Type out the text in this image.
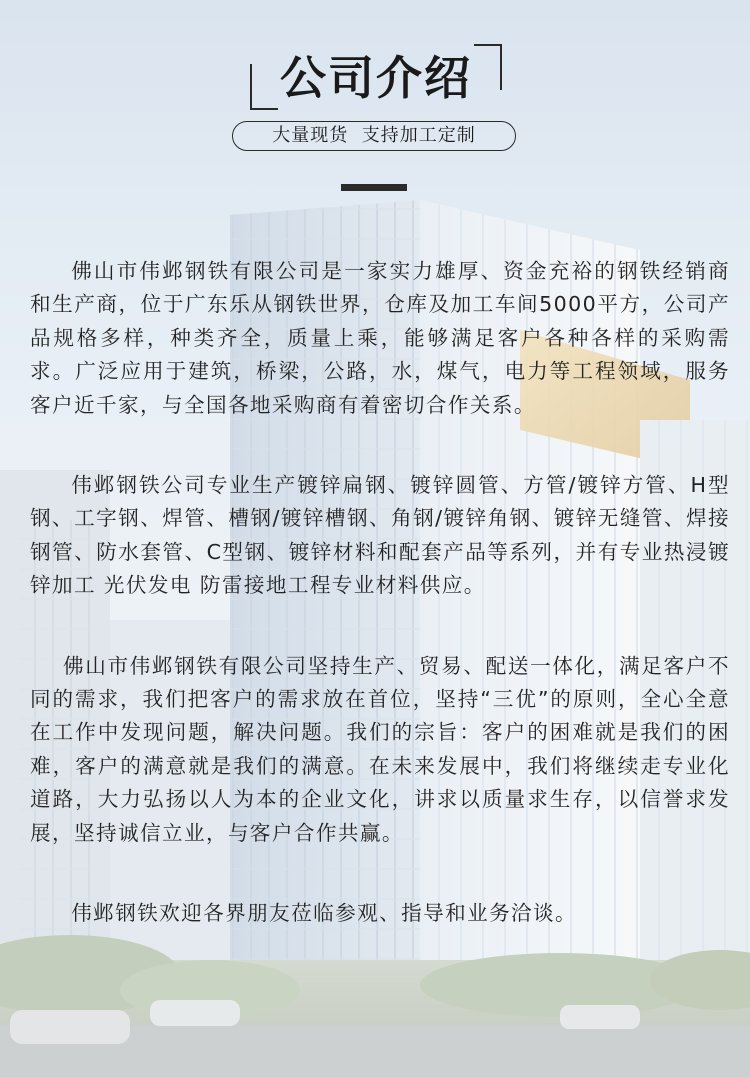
公司介绍
大量现货  支持加工定制

佛山市伟邺钢铁有限公司是一家实力雄厚、资金充裕的钢铁经销商和生产商，位于广东乐从钢铁世界，仓库及加工车间5000平方，公司产品规格多样，种类齐全，质量上乘，能够满足客户各种各样的采购需求。广泛应用于建筑，桥梁，公路，水，煤气，电力等工程领域，服务客户近千家，与全国各地采购商有着密切合作关系。

伟邺钢铁公司专业生产镀锌扁钢、镀锌圆管、方管/镀锌方管、H型钢、工字钢、焊管、槽钢/镀锌槽钢、角钢/镀锌角钢、镀锌无缝管、焊接钢管、防水套管、C型钢、镀锌材料和配套产品等系列，并有专业热浸镀锌加工 光伏发电 防雷接地工程专业材料供应。

佛山市伟邺钢铁有限公司坚持生产、贸易、配送一体化，满足客户不同的需求，我们把客户的需求放在首位，坚持“三优”的原则，全心全意在工作中发现问题，解决问题。我们的宗旨：客户的困难就是我们的困难，客户的满意就是我们的满意。在未来发展中，我们将继续走专业化道路，大力弘扬以人为本的企业文化，讲求以质量求生存，以信誉求发展，坚持诚信立业，与客户合作共赢。

伟邺钢铁欢迎各界朋友莅临参观、指导和业务洽谈。
